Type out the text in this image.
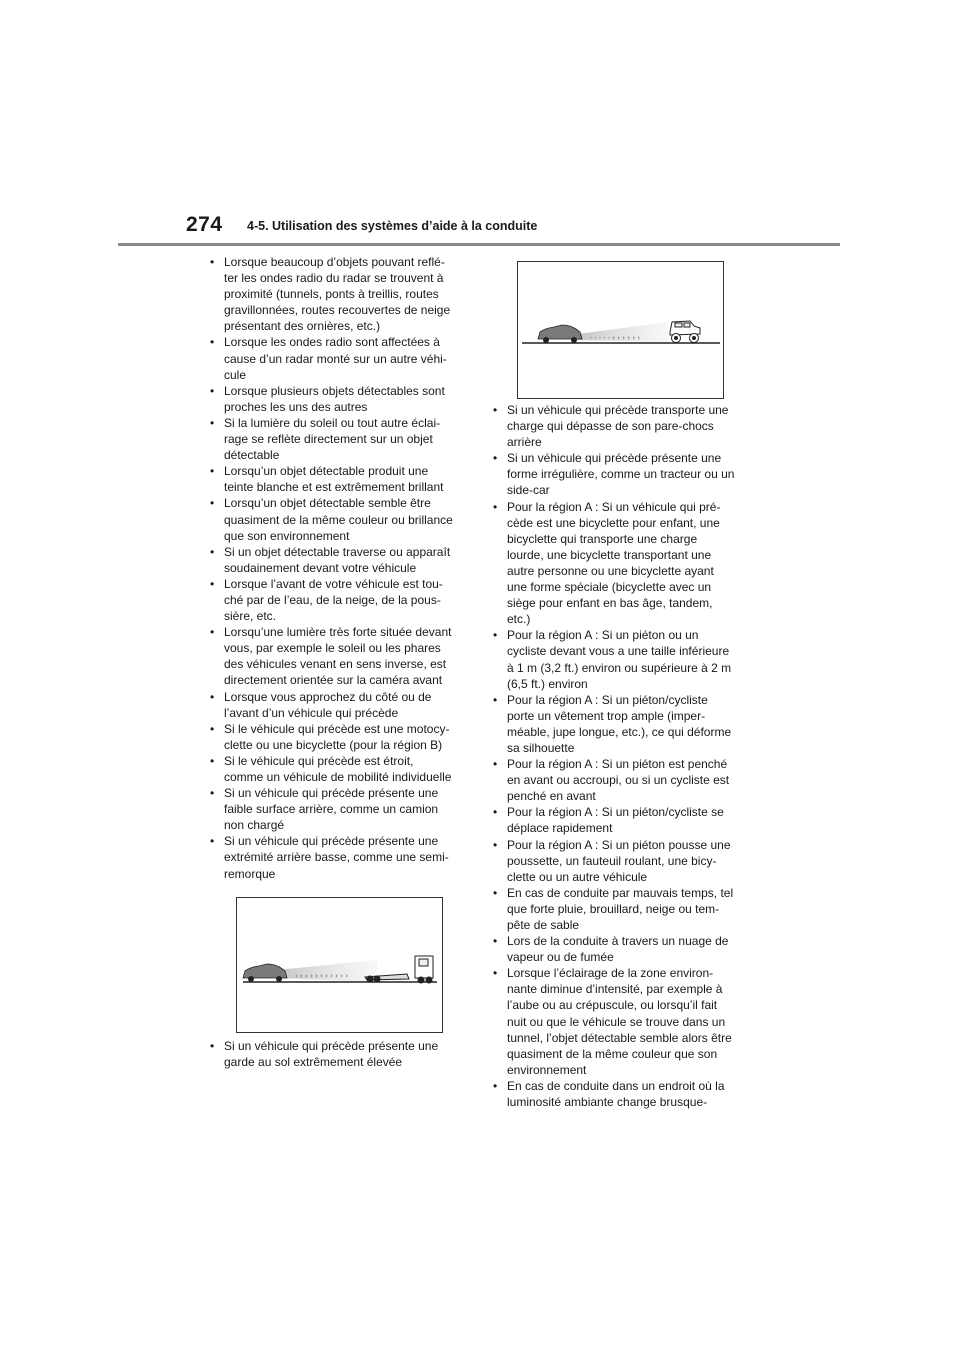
274 4-5. Utilisation des systèmes d’aide à la conduite
• Lorsque beaucoup d’objets pouvant reflé-
ter les ondes radio du radar se trouvent à
proximité (tunnels, ponts à treillis, routes
gravillonnées, routes recouvertes de neige
présentant des ornières, etc.)
• Lorsque les ondes radio sont affectées à
cause d’un radar monté sur un autre véhi-
cule
• Lorsque plusieurs objets détectables sont
proches les uns des autres
• Si la lumière du soleil ou tout autre éclai-
rage se reflète directement sur un objet
détectable
• Lorsqu’un objet détectable produit une
teinte blanche et est extrêmement brillant
• Lorsqu’un objet détectable semble être
quasiment de la même couleur ou brillance
que son environnement
• Si un objet détectable traverse ou apparaît
soudainement devant votre véhicule
• Lorsque l’avant de votre véhicule est tou-
ché par de l’eau, de la neige, de la pous-
sière, etc.
• Lorsqu’une lumière très forte située devant
vous, par exemple le soleil ou les phares
des véhicules venant en sens inverse, est
directement orientée sur la caméra avant
• Lorsque vous approchez du côté ou de
l’avant d’un véhicule qui précède
• Si le véhicule qui précède est une motocy-
clette ou une bicyclette (pour la région B)
• Si le véhicule qui précède est étroit,
comme un véhicule de mobilité individuelle
• Si un véhicule qui précède présente une
faible surface arrière, comme un camion
non chargé
• Si un véhicule qui précède présente une
extrémité arrière basse, comme une semi-
remorque
› › › › › › › › › › ›
• Si un véhicule qui précède présente une
garde au sol extrêmement élevée
· · · · · › › › › › ›
• Si un véhicule qui précède transporte une
charge qui dépasse de son pare-chocs
arrière
• Si un véhicule qui précède présente une
forme irrégulière, comme un tracteur ou un
side-car
• Pour la région A : Si un véhicule qui pré-
cède est une bicyclette pour enfant, une
bicyclette qui transporte une charge
lourde, une bicyclette transportant une
autre personne ou une bicyclette ayant
une forme spéciale (bicyclette avec un
siège pour enfant en bas âge, tandem,
etc.)
• Pour la région A : Si un piéton ou un
cycliste devant vous a une taille inférieure
à 1 m (3,2 ft.) environ ou supérieure à 2 m
(6,5 ft.) environ
• Pour la région A : Si un piéton/cycliste
porte un vêtement trop ample (imper-
méable, jupe longue, etc.), ce qui déforme
sa silhouette
• Pour la région A : Si un piéton est penché
en avant ou accroupi, ou si un cycliste est
penché en avant
• Pour la région A : Si un piéton/cycliste se
déplace rapidement
• Pour la région A : Si un piéton pousse une
poussette, un fauteuil roulant, une bicy-
clette ou un autre véhicule
• En cas de conduite par mauvais temps, tel
que forte pluie, brouillard, neige ou tem-
pête de sable
• Lors de la conduite à travers un nuage de
vapeur ou de fumée
• Lorsque l’éclairage de la zone environ-
nante diminue d’intensité, par exemple à
l’aube ou au crépuscule, ou lorsqu’il fait
nuit ou que le véhicule se trouve dans un
tunnel, l’objet détectable semble alors être
quasiment de la même couleur que son
environnement
• En cas de conduite dans un endroit où la
luminosité ambiante change brusque-
